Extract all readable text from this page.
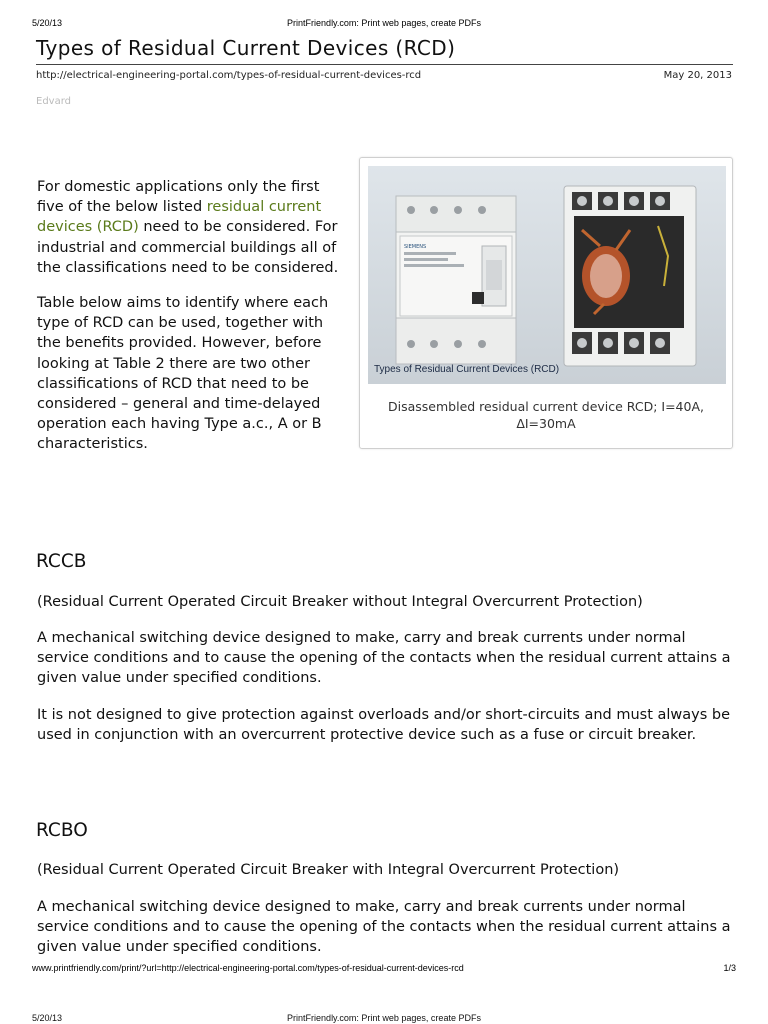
5/20/13	PrintFriendly.com: Print web pages, create PDFs
Types of Residual Current Devices (RCD)
http://electrical-engineering-portal.com/types-of-residual-current-devices-rcd	May 20, 2013
Edvard

For domestic applications only the first five of the below listed residual current devices (RCD) need to be considered. For industrial and commercial buildings all of the classifications need to be considered.

Table below aims to identify where each type of RCD can be used, together with the benefits provided. However, before looking at Table 2 there are two other classifications of RCD that need to be considered – general and time-delayed operation each having Type a.c., A or B characteristics.

SIEMENS
Types of Residual Current Devices (RCD)
Disassembled residual current device RCD; I=40A, ΔI=30mA
RCCB

(Residual Current Operated Circuit Breaker without Integral Overcurrent Protection)

A mechanical switching device designed to make, carry and break currents under normal service conditions and to cause the opening of the contacts when the residual current attains a given value under specified conditions.

It is not designed to give protection against overloads and/or short-circuits and must always be used in conjunction with an overcurrent protective device such as a fuse or circuit breaker.

RCBO

(Residual Current Operated Circuit Breaker with Integral Overcurrent Protection)

A mechanical switching device designed to make, carry and break currents under normal service conditions and to cause the opening of the contacts when the residual current attains a given value under specified conditions.

www.printfriendly.com/print/?url=http://electrical-engineering-portal.com/types-of-residual-current-devices-rcd	1/3
5/20/13	PrintFriendly.com: Print web pages, create PDFs
